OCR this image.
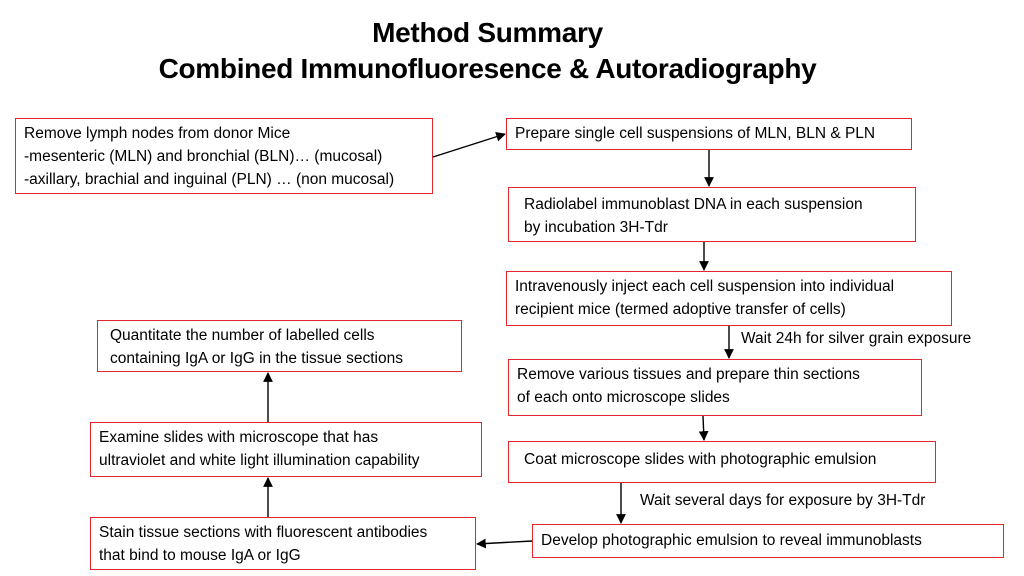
Method Summary
Combined Immunofluoresence & Autoradiography
Remove lymph nodes from donor Mice
-mesenteric (MLN) and bronchial (BLN)… (mucosal)
-axillary, brachial and inguinal (PLN) … (non mucosal)
Prepare single cell suspensions of MLN, BLN & PLN
Radiolabel immunoblast DNA in each suspension
by incubation 3H-Tdr
Intravenously inject each cell suspension into individual
recipient mice (termed adoptive transfer of cells)
Wait 24h for silver grain exposure
Remove various tissues and prepare thin sections
of each onto microscope slides
Coat microscope slides with photographic emulsion
Wait several days for exposure by 3H-Tdr
Develop photographic emulsion to reveal immunoblasts
Stain tissue sections with fluorescent antibodies
that bind to mouse IgA or IgG
Examine slides with microscope that has
ultraviolet and white light illumination capability
Quantitate the number of labelled cells
containing IgA or IgG in the tissue sections
